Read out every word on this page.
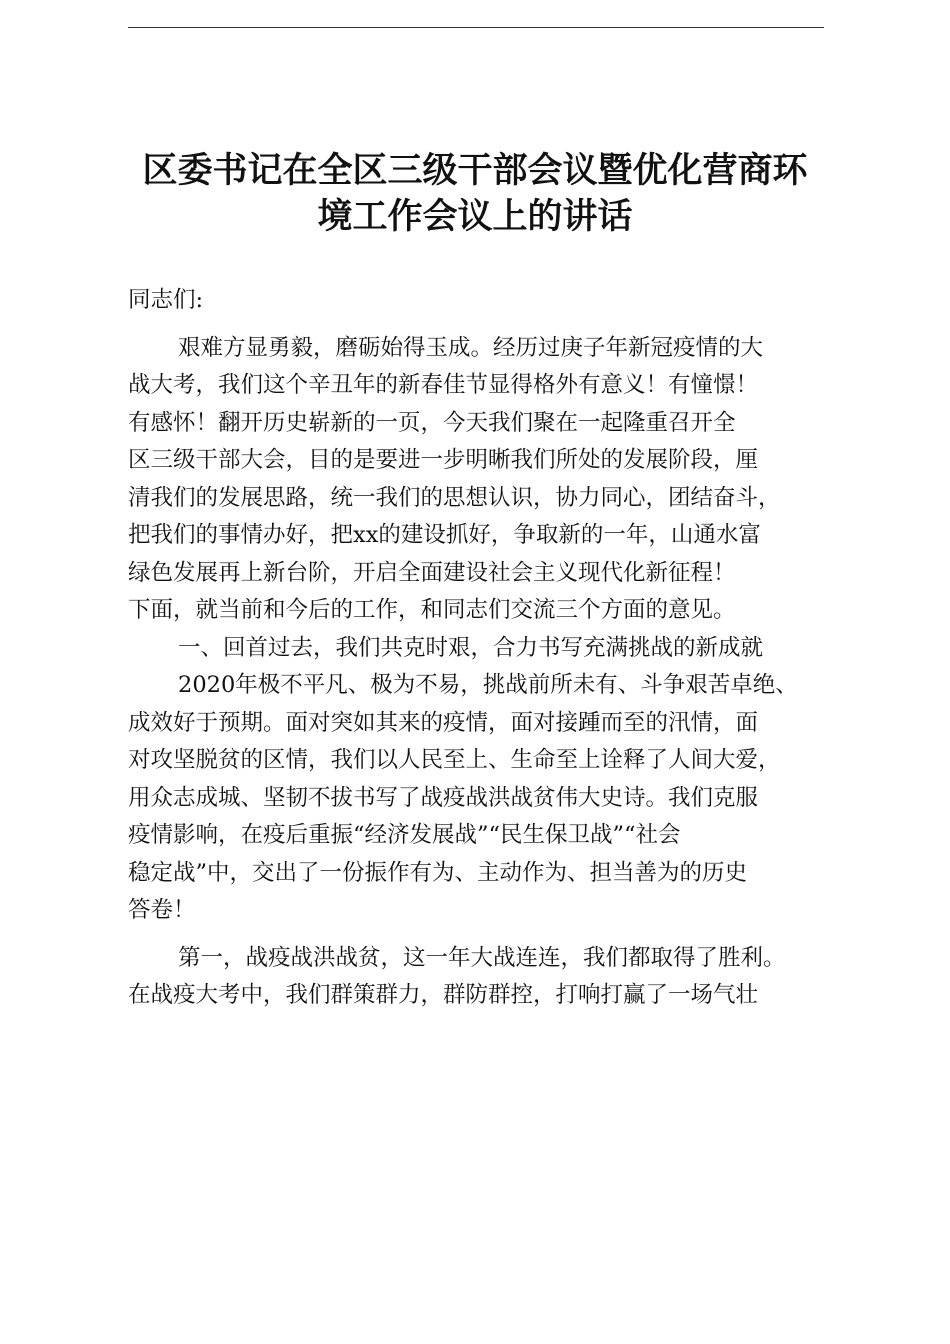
区委书记在全区三级干部会议暨优化营商环
境工作会议上的讲话
同志们:
艰难方显勇毅，磨砺始得玉成。经历过庚子年新冠疫情的大
战大考，我们这个辛丑年的新春佳节显得格外有意义！有憧憬！
有感怀！翻开历史崭新的一页，今天我们聚在一起隆重召开全
区三级干部大会，目的是要进一步明晰我们所处的发展阶段，厘
清我们的发展思路，统一我们的思想认识，协力同心，团结奋斗，
把我们的事情办好，把xx的建设抓好，争取新的一年，山通水富
绿色发展再上新台阶，开启全面建设社会主义现代化新征程！
下面，就当前和今后的工作，和同志们交流三个方面的意见。
一、回首过去，我们共克时艰，合力书写充满挑战的新成就
2020年极不平凡、极为不易，挑战前所未有、斗争艰苦卓绝、
成效好于预期。面对突如其来的疫情，面对接踵而至的汛情，面
对攻坚脱贫的区情，我们以人民至上、生命至上诠释了人间大爱，
用众志成城、坚韧不拔书写了战疫战洪战贫伟大史诗。我们克服
疫情影响，在疫后重振“经济发展战”“民生保卫战”“社会
稳定战”中，交出了一份振作有为、主动作为、担当善为的历史
答卷！
第一，战疫战洪战贫，这一年大战连连，我们都取得了胜利。
在战疫大考中，我们群策群力，群防群控，打响打赢了一场气壮
